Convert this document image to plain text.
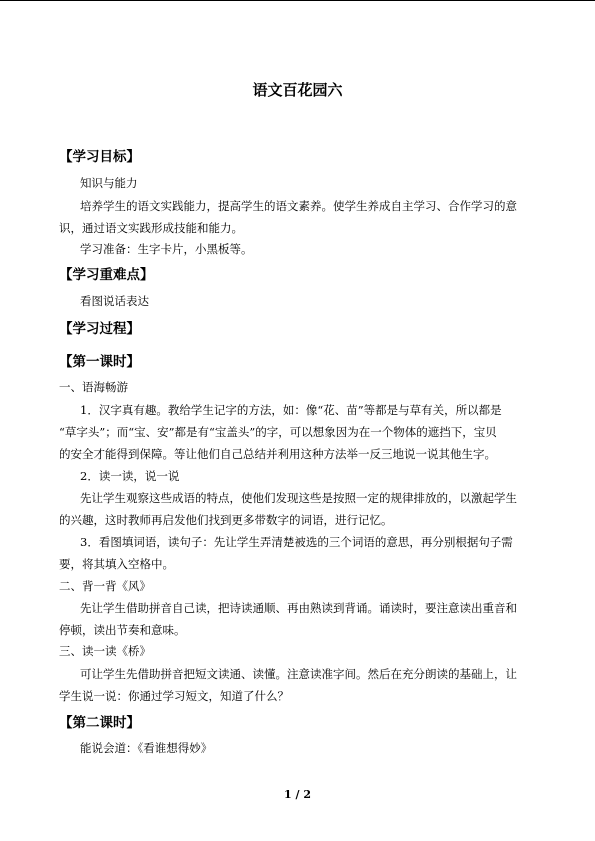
语文百花园六
【学习目标】
知识与能力
培养学生的语文实践能力，提高学生的语文素养。使学生养成自主学习、合作学习的意
识，通过语文实践形成技能和能力。
学习准备：生字卡片，小黑板等。
【学习重难点】
看图说话表达
【学习过程】
【第一课时】
一、语海畅游
1．汉字真有趣。教给学生记字的方法，如：像“花、苗”等都是与草有关，所以都是
“草字头”；而“宝、安”都是有“宝盖头”的字，可以想象因为在一个物体的遮挡下，宝贝
的安全才能得到保障。等让他们自己总结并利用这种方法举一反三地说一说其他生字。
2．读一读，说一说
先让学生观察这些成语的特点，使他们发现这些是按照一定的规律排放的，以激起学生
的兴趣，这时教师再启发他们找到更多带数字的词语，进行记忆。
3．看图填词语，读句子：先让学生弄清楚被选的三个词语的意思，再分别根据句子需
要，将其填入空格中。
二、背一背《风》
先让学生借助拼音自己读，把诗读通顺、再由熟读到背诵。诵读时，要注意读出重音和
停顿，读出节奏和意味。
三、读一读《桥》
可让学生先借助拼音把短文读通、读懂。注意读准字间。然后在充分朗读的基础上，让
学生说一说：你通过学习短文，知道了什么？
【第二课时】
能说会道：《看谁想得妙》
1 / 2
